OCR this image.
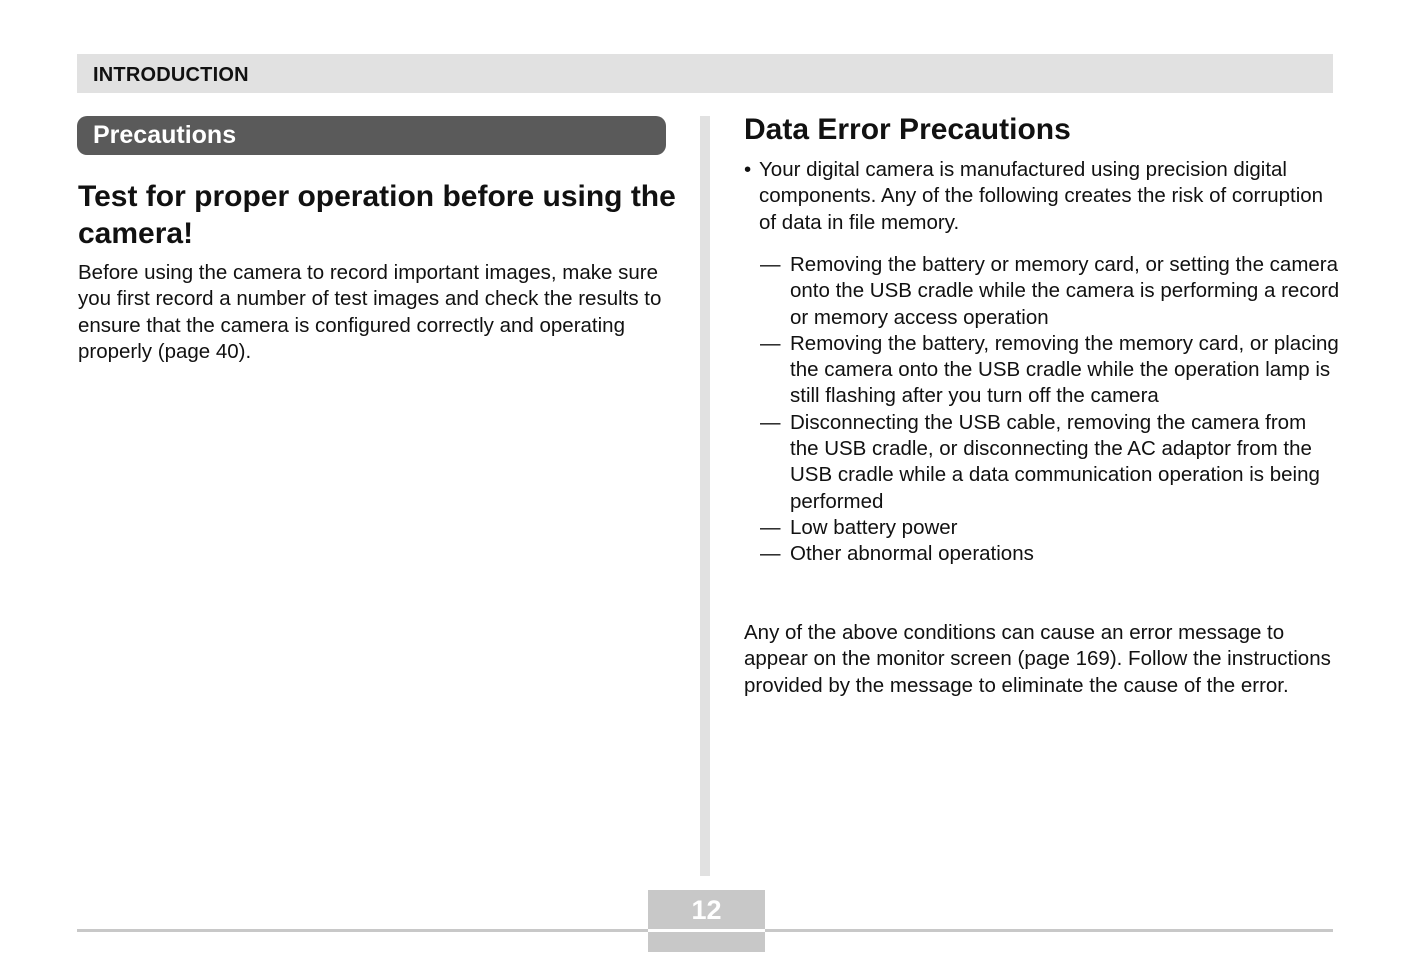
INTRODUCTION
Precautions
Test for proper operation before using the camera!
Before using the camera to record important images, make sure you first record a number of test images and check the results to ensure that the camera is configured correctly and operating properly (page 40).
Data Error Precautions
• Your digital camera is manufactured using precision digital components. Any of the following creates the risk of corruption of data in file memory.
— Removing the battery or memory card, or setting the camera onto the USB cradle while the camera is performing a record or memory access operation
— Removing the battery, removing the memory card, or placing the camera onto the USB cradle while the operation lamp is still flashing after you turn off the camera
— Disconnecting the USB cable, removing the camera from the USB cradle, or disconnecting the AC adaptor from the USB cradle while a data communication operation is being performed
— Low battery power
— Other abnormal operations
Any of the above conditions can cause an error message to appear on the monitor screen (page 169). Follow the instructions provided by the message to eliminate the cause of the error.
12
